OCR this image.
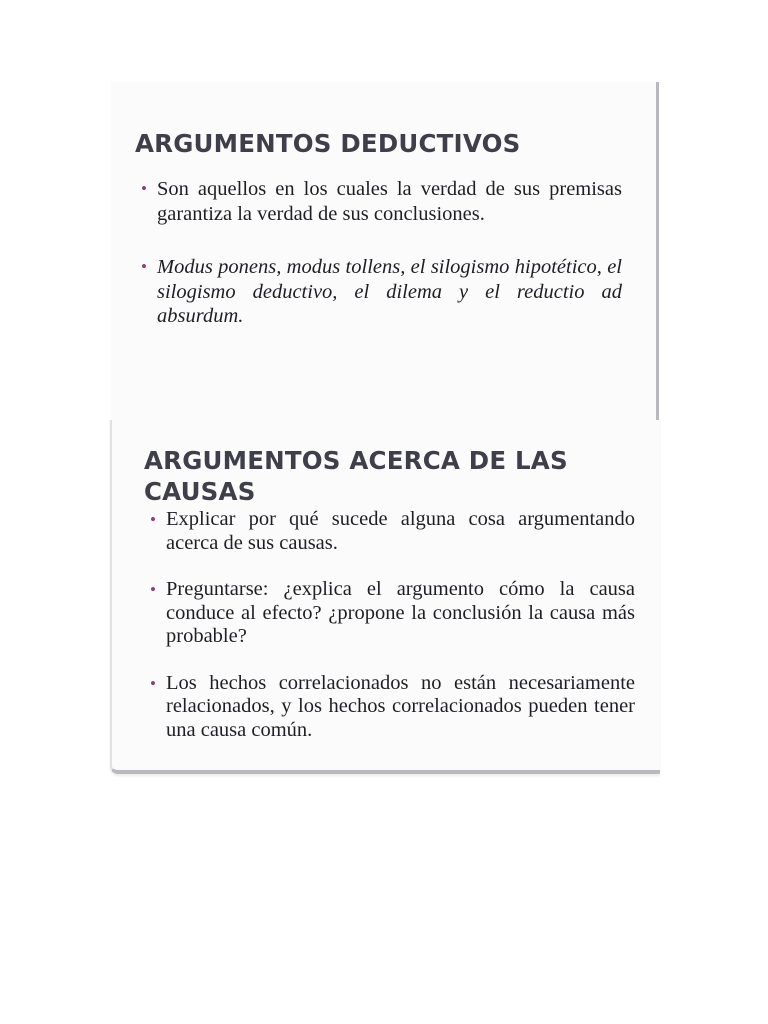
ARGUMENTOS DEDUCTIVOS
• Son aquellos en los cuales la verdad de sus premisas garantiza la verdad de sus conclusiones.
• Modus ponens, modus tollens, el silogismo hipotético, el silogismo deductivo, el dilema y el reductio ad absurdum.
ARGUMENTOS ACERCA DE LAS CAUSAS
• Explicar por qué sucede alguna cosa argumentando acerca de sus causas.
• Preguntarse: ¿explica el argumento cómo la causa conduce al efecto? ¿propone la conclusión la causa más probable?
• Los hechos correlacionados no están necesariamente relacionados, y los hechos correlacionados pueden tener una causa común.
